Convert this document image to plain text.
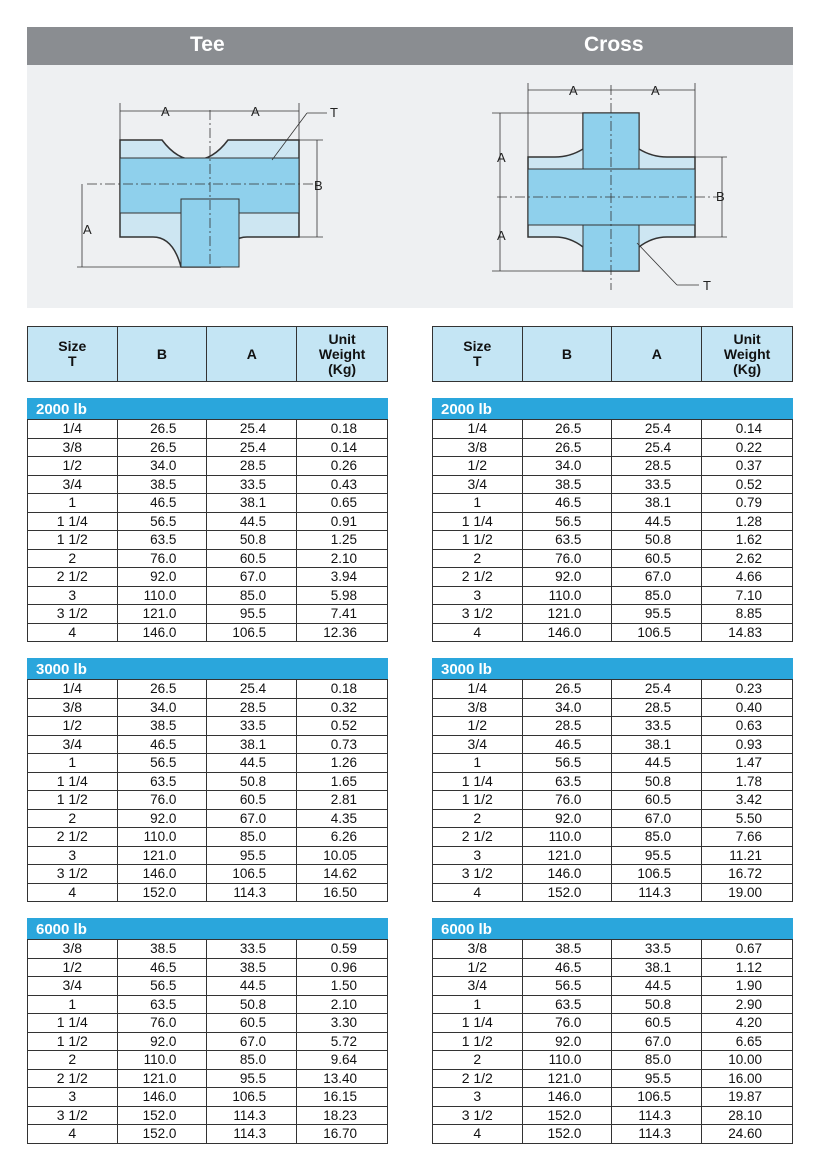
Tee	Cross
A	A
B
T
A
A	A
A
A
B
T
Size
T	B	A	Unit
Weight
(Kg)

2000 lb			
1/4	26.5	25.4	0.18
3/8	26.5	25.4	0.14
1/2	34.0	28.5	0.26
3/4	38.5	33.5	0.43
1	46.5	38.1	0.65
1 1/4	56.5	44.5	0.91
1 1/2	63.5	50.8	1.25
2	76.0	60.5	2.10
2 1/2	92.0	67.0	3.94
3	110.0	85.0	5.98
3 1/2	121.0	95.5	7.41
4	146.0	106.5	12.36

3000 lb			
1/4	26.5	25.4	0.18
3/8	34.0	28.5	0.32
1/2	38.5	33.5	0.52
3/4	46.5	38.1	0.73
1	56.5	44.5	1.26
1 1/4	63.5	50.8	1.65
1 1/2	76.0	60.5	2.81
2	92.0	67.0	4.35
2 1/2	110.0	85.0	6.26
3	121.0	95.5	10.05
3 1/2	146.0	106.5	14.62
4	152.0	114.3	16.50

6000 lb			
3/8	38.5	33.5	0.59
1/2	46.5	38.5	0.96
3/4	56.5	44.5	1.50
1	63.5	50.8	2.10
1 1/4	76.0	60.5	3.30
1 1/2	92.0	67.0	5.72
2	110.0	85.0	9.64
2 1/2	121.0	95.5	13.40
3	146.0	106.5	16.15
3 1/2	152.0	114.3	18.23
4	152.0	114.3	16.70
Size
T	B	A	Unit
Weight
(Kg)

2000 lb			
1/4	26.5	25.4	0.14
3/8	26.5	25.4	0.22
1/2	34.0	28.5	0.37
3/4	38.5	33.5	0.52
1	46.5	38.1	0.79
1 1/4	56.5	44.5	1.28
1 1/2	63.5	50.8	1.62
2	76.0	60.5	2.62
2 1/2	92.0	67.0	4.66
3	110.0	85.0	7.10
3 1/2	121.0	95.5	8.85
4	146.0	106.5	14.83

3000 lb			
1/4	26.5	25.4	0.23
3/8	34.0	28.5	0.40
1/2	28.5	33.5	0.63
3/4	46.5	38.1	0.93
1	56.5	44.5	1.47
1 1/4	63.5	50.8	1.78
1 1/2	76.0	60.5	3.42
2	92.0	67.0	5.50
2 1/2	110.0	85.0	7.66
3	121.0	95.5	11.21
3 1/2	146.0	106.5	16.72
4	152.0	114.3	19.00

6000 lb			
3/8	38.5	33.5	0.67
1/2	46.5	38.1	1.12
3/4	56.5	44.5	1.90
1	63.5	50.8	2.90
1 1/4	76.0	60.5	4.20
1 1/2	92.0	67.0	6.65
2	110.0	85.0	10.00
2 1/2	121.0	95.5	16.00
3	146.0	106.5	19.87
3 1/2	152.0	114.3	28.10
4	152.0	114.3	24.60
